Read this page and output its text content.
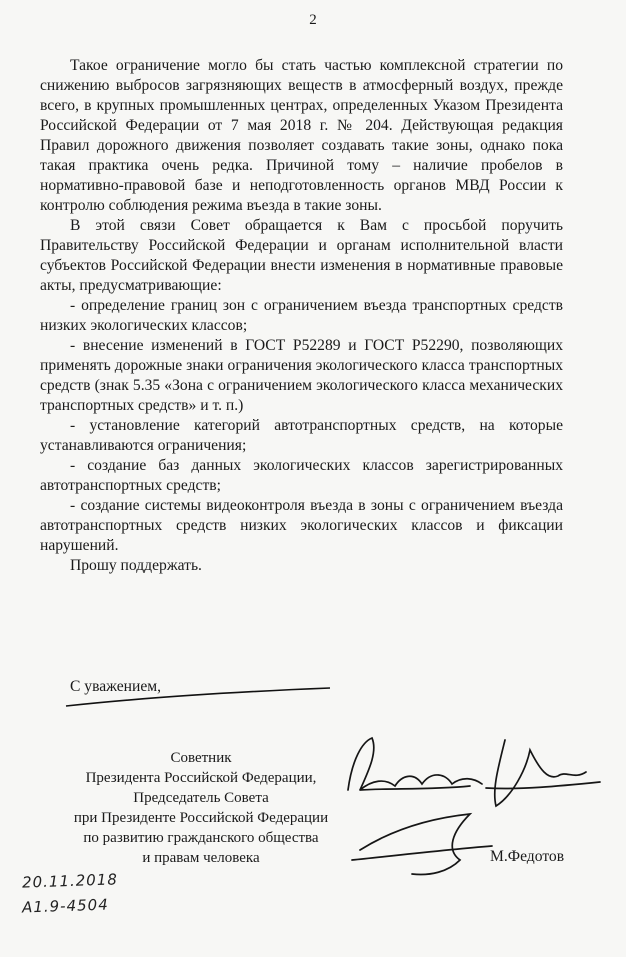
2

Такое ограничение могло бы стать частью комплексной стратегии по снижению выбросов загрязняющих веществ в атмосферный воздух, прежде всего, в крупных промышленных центрах, определенных Указом Президента Российской Федерации от 7 мая 2018 г. № 204. Действующая редакция Правил дорожного движения позволяет создавать такие зоны, однако пока такая практика очень редка. Причиной тому – наличие пробелов в нормативно-правовой базе и неподготовленность органов МВД России к контролю соблюдения режима въезда в такие зоны.

В этой связи Совет обращается к Вам с просьбой поручить Правительству Российской Федерации и органам исполнительной власти субъектов Российской Федерации внести изменения в нормативные правовые акты, предусматривающие:

- определение границ зон с ограничением въезда транспортных средств низких экологических классов;

- внесение изменений в ГОСТ Р52289 и ГОСТ Р52290, позволяющих применять дорожные знаки ограничения экологического класса транспортных средств (знак 5.35 «Зона с ограничением экологического класса механических транспортных средств» и т. п.)

- установление категорий автотранспортных средств, на которые устанавливаются ограничения;

- создание баз данных экологических классов зарегистрированных автотранспортных средств;

- создание системы видеоконтроля въезда в зоны с ограничением въезда автотранспортных средств низких экологических классов и фиксации нарушений.

Прошу поддержать.

С уважением,
Советник
Президента Российской Федерации,
Председатель Совета
при Президенте Российской Федерации
по развитию гражданского общества
и правам человека	М.Федотов
20.11.2018
А1.9-4504
